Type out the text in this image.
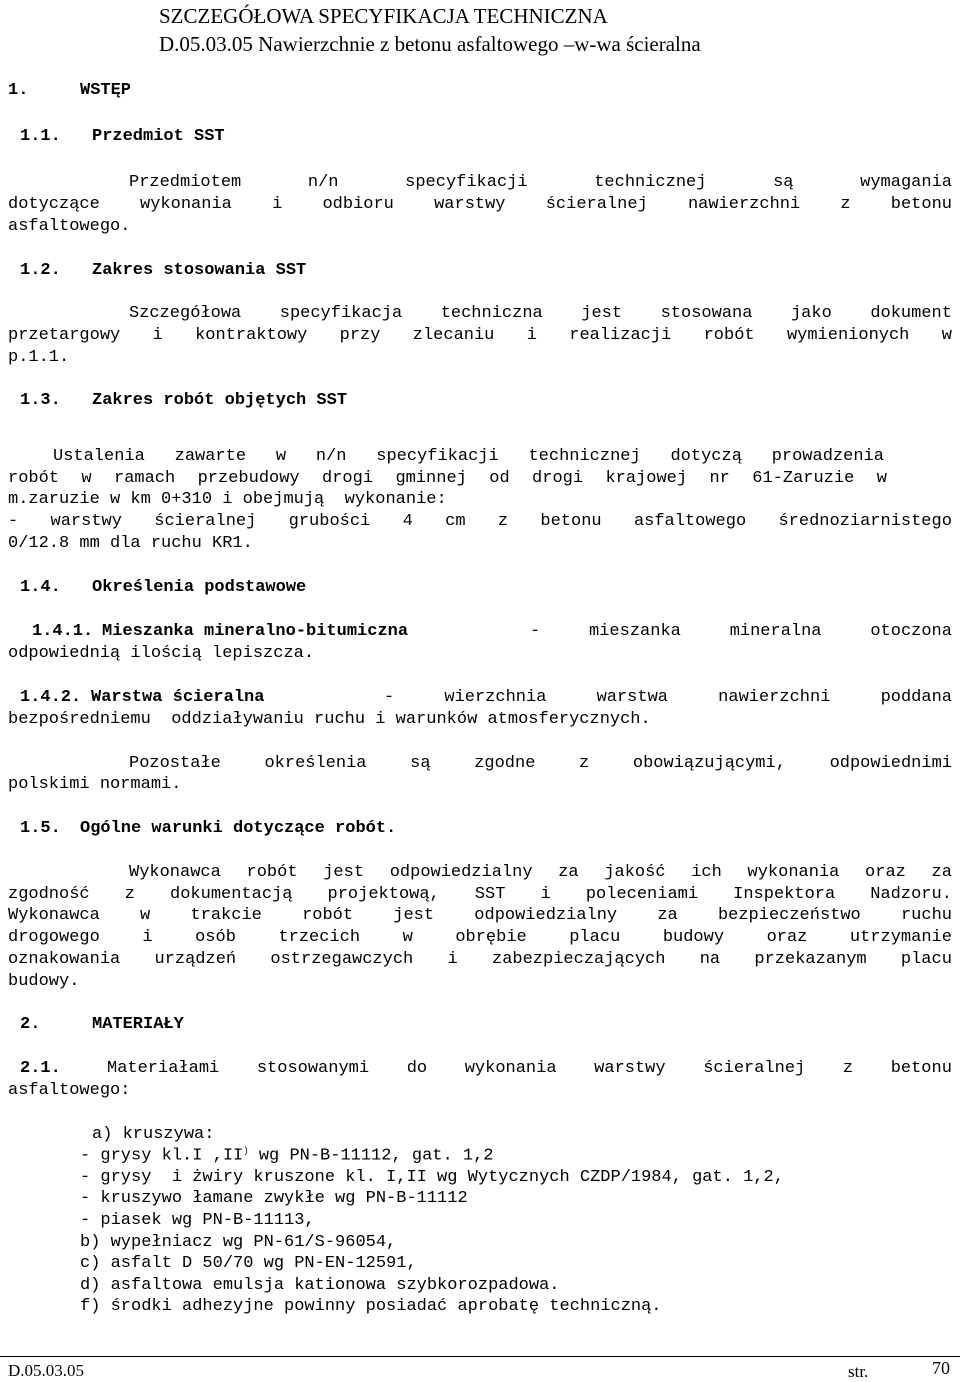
SZCZEGÓŁOWA SPECYFIKACJA TECHNICZNA
D.05.03.05 Nawierzchnie z betonu asfaltowego –w-wa ścieralna
1.	WSTĘP
1.1. Przedmiot SST
Przedmiotem	n/n	specyfikacji	technicznej	są	wymagania
dotyczące wykonania i odbioru warstwy ścieralnej nawierzchni z betonu
asfaltowego.
1.2. Zakres stosowania SST
Szczegółowa specyfikacja techniczna jest stosowana jako dokument
przetargowy i kontraktowy przy zlecaniu i realizacji robót wymienionych w
p.1.1.
1.3. Zakres robót objętych SST
Ustalenia zawarte w n/n specyfikacji technicznej dotyczą prowadzenia
robót w ramach przebudowy drogi gminnej od drogi krajowej nr 61-Zaruzie w
m.zaruzie w km 0+310 i obejmują  wykonanie:
- warstwy ścieralnej grubości 4 cm z betonu asfaltowego średnoziarnistego
0/12.8 mm dla ruchu KR1.
1.4. Określenia podstawowe
1.4.1. Mieszanka mineralno-bitumiczna	-	mieszanka	mineralna	otoczona
odpowiednią ilością lepiszcza.
1.4.2. Warstwa ścieralna	-	wierzchnia	warstwa	nawierzchni	poddana
bezpośredniemu  oddziaływaniu ruchu i warunków atmosferycznych.
Pozostałe	określenia	są	zgodne	z	obowiązującymi,	odpowiednimi
polskimi normami.
1.5. Ogólne warunki dotyczące robót.
Wykonawca robót jest odpowiedzialny za jakość ich wykonania oraz za
zgodność z dokumentacją projektową, SST i poleceniami Inspektora Nadzoru.
Wykonawca w trakcie robót jest odpowiedzialny za bezpieczeństwo ruchu
drogowego	i	osób	trzecich	w	obrębie	placu	budowy	oraz	utrzymanie
oznakowania urządzeń ostrzegawczych i zabezpieczających na przekazanym placu
budowy.
2.	MATERIAŁY
2.1.	Materiałami stosowanymi do wykonania warstwy ścieralnej z betonu
asfaltowego:
a) kruszywa:
- grysy kl.I ,II) wg PN-B-11112, gat. 1,2
- grysy  i żwiry kruszone kl. I,II wg Wytycznych CZDP/1984, gat. 1,2,
- kruszywo łamane zwykłe wg PN-B-11112
- piasek wg PN-B-11113,
b) wypełniacz wg PN-61/S-96054,
c) asfalt D 50/70 wg PN-EN-12591,
d) asfaltowa emulsja kationowa szybkorozpadowa.
f) środki adhezyjne powinny posiadać aprobatę techniczną.
D.05.03.05	str.	70
